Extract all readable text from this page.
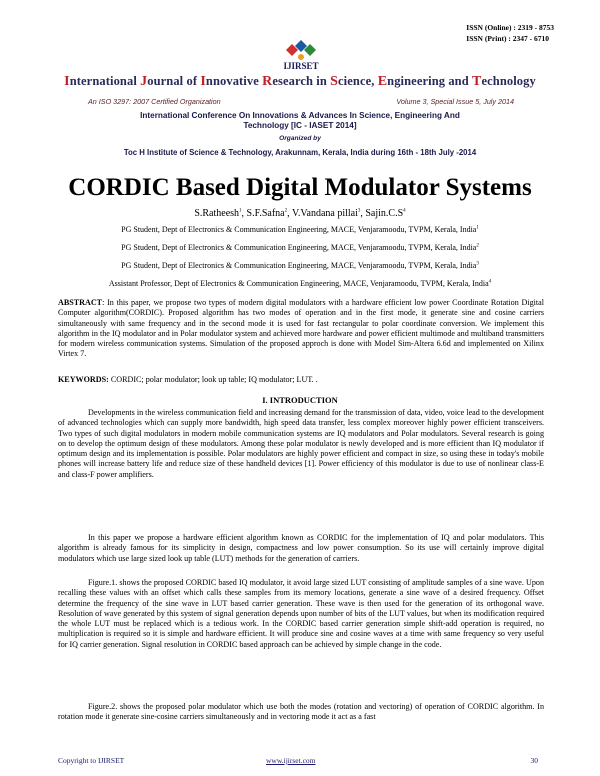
ISSN (Online) : 2319 - 8753
ISSN (Print) : 2347 - 6710
IJIRSET
International Journal of Innovative Research in Science, Engineering and Technology
An ISO 3297: 2007 Certified Organization	Volume 3, Special Issue 5, July 2014
International Conference On Innovations & Advances In Science, Engineering And
Technology [IC - IASET 2014]
Organized by
Toc H Institute of Science & Technology, Arakunnam, Kerala, India during 16th - 18th July -2014
CORDIC Based Digital Modulator Systems
S.Ratheesh$^1$, S.F.Safna$^2$, V.Vandana pillai$^3$, $Sajin.C.S^4$
PG Student, Dept of Electronics & Communication Engineering, MACE, Venjaramoodu, TVPM, Kerala, India$^1$
PG Student, Dept of Electronics & Communication Engineering, MACE, Venjaramoodu, TVPM, Kerala, India$^2$
PG Student, Dept of Electronics & Communication Engineering, MACE, Venjaramoodu, TVPM, Kerala, India$^3$
Assistant Professor, Dept of Electronics & Communication Engineering, MACE, Venjaramoodu, TVPM, Kerala, India$^4$
ABSTRACT: In this paper, we propose two types of modern digital modulators with a hardware efficient low power Coordinate Rotation Digital Computer algorithm(CORDIC). Proposed algorithm has two modes of operation and in the first mode, it generate sine and cosine carriers simultaneously with same frequency and in the second mode it is used for fast rectangular to polar coordinate conversion. We implement this algorithm in the IQ modulator and in Polar modulator system and achieved more hardware and power efficient multimode and multiband transmitters for modern wireless communication systems. Simulation of the proposed approch is done with Model Sim-Altera 6.6d and implemented on Xilinx Virtex 7.
KEYWORDS: CORDIC; polar modulator; look up table; IQ modulator; LUT. .
I. INTRODUCTION
Developments in the wireless communication field and increasing demand for the transmission of data, video, voice lead to the development of advanced technologies which can supply more bandwidth, high speed data transfer, less complex moreover highly power efficient transceivers. Two types of such digital modulators in modern mobile communication systems are IQ modulators and Polar modulators. Several research is going on to develop the optimum design of these modulators. Among these polar modulator is newly developed and is more efficient than IQ modulator if optimum design and its implementation is possible. Polar modulators are highly power efficient and compact in size, so using these in today's mobile phones will increase battery life and reduce size of these handheld devices [1]. Power efficiency of this modulator is due to use of nonlinear class-E and class-F power amplifiers.
In this paper we propose a hardware efficient algorithm known as CORDIC for the implementation of IQ and polar modulators. This algorithm is already famous for its simplicity in design, compactness and low power consumption. So its use will certainly improve digital modulators which use large sized look up table (LUT) methods for the generation of carriers.
Figure.1. shows the proposed CORDIC based IQ modulator, it avoid large sized LUT consisting of amplitude samples of a sine wave. Upon recalling these values with an offset which calls these samples from its memory locations, generate a sine wave of a desired frequency. Offset determine the frequency of the sine wave in LUT based carrier generation. These wave is then used for the generation of its orthogonal wave. Resolution of wave generated by this system of signal generation depends upon number of bits of the LUT values, but when its modification required the whole LUT must be replaced which is a tedious work. In the CORDIC based carrier generation simple shift-add operation is required, no multiplication is required so it is simple and hardware efficient. It will produce sine and cosine waves at a time with same frequency so very useful for IQ carrier generation. Signal resolution in CORDIC based approach can be achieved by simple change in the code.
Figure.2. shows the proposed polar modulator which use both the modes (rotation and vectoring) of operation of CORDIC algorithm. In rotation mode it generate sine-cosine carriers simultaneously and in vectoring mode it act as a fast
Copyright to IJIRSET	www.ijirset.com	30
